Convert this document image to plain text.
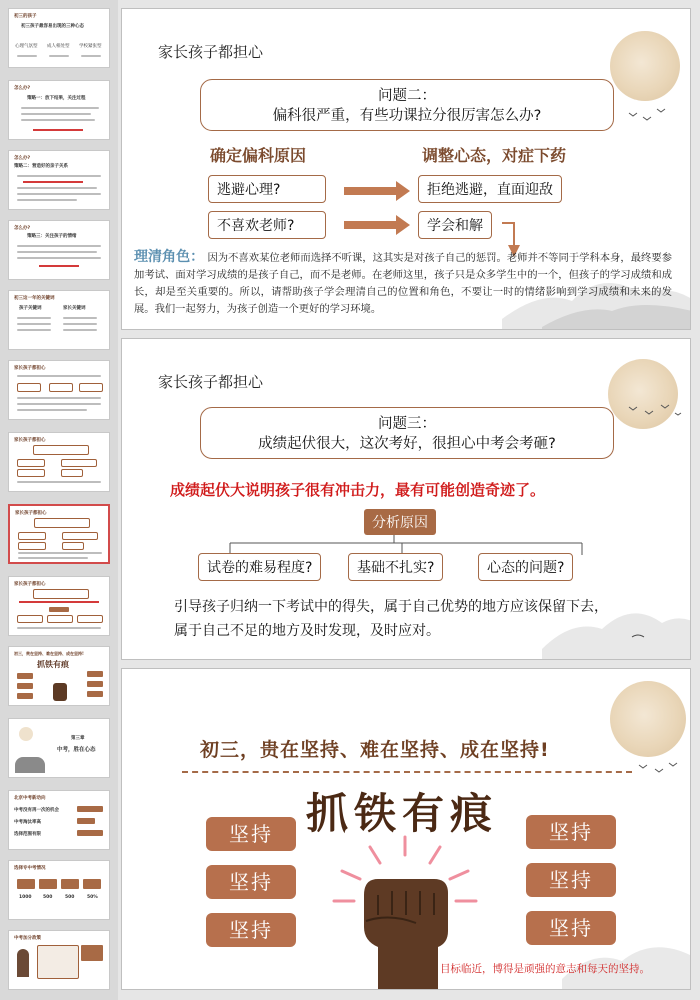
初三的孩子
初三孩子最容易出现的三种心态
心理气氛型 成人相处型 学校紧张型
怎么办?
策略一：放下结果，关注过程
怎么办?
策略二：营造好的亲子关系
怎么办?
策略三：关注孩子的情绪
初三这一年的关键词
孩子关键词	家长关键词
家长孩子都担心
家长孩子都担心
家长孩子都担心
家长孩子都担心
初三，贵在坚持、难在坚持、成在坚持!
抓铁有痕
第三章
中考，胜在心态
北京中考新动向
中考没有再一次的机会
中考淘汰率高
选择范围有限
选择专中考情况
1000	500	500	50%
中考加分政策
家长孩子都担心
问题二：
偏科很严重，有些功课拉分很厉害怎么办?
确定偏科原因	调整心态，对症下药
逃避心理?
不喜欢老师?
拒绝逃避，直面迎敌
学会和解
理清角色： 因为不喜欢某位老师而选择不听课，这其实是对孩子自己的惩罚。老师并不等同于学科本身，最终要参加考试、面对学习成绩的是孩子自己，而不是老师。在老师这里，孩子只是众多学生中的一个，但孩子的学习成绩和成长，却是至关重要的。所以，请帮助孩子学会理清自己的位置和角色，不要让一时的情绪影响到学习成绩和未来的发展。我们一起努力，为孩子创造一个更好的学习环境。
家长孩子都担心
问题三：
成绩起伏很大，这次考好，很担心中考会考砸?
成绩起伏大说明孩子很有冲击力，最有可能创造奇迹了。
分析原因
试卷的难易程度?	基础不扎实?	心态的问题?
引导孩子归纳一下考试中的得失，属于自己优势的地方应该保留下去，属于自己不足的地方及时发现，及时应对。
初三，贵在坚持、难在坚持、成在坚持!
抓铁有痕
坚持
坚持
坚持
坚持
坚持
坚持
目标临近，博得是顽强的意志和每天的坚持。
